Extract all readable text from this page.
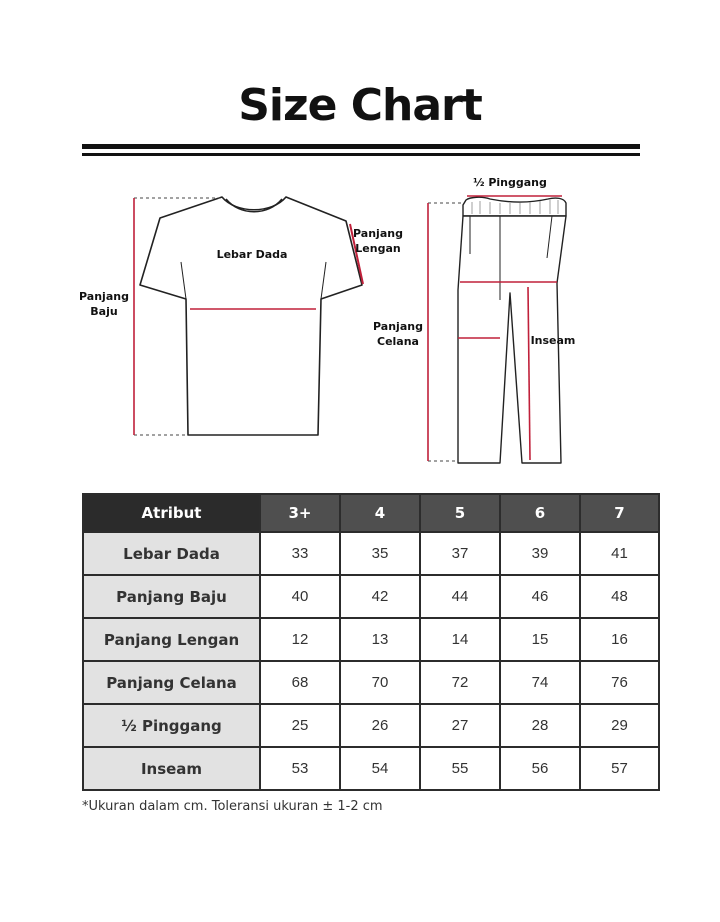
Size Chart
Lebar Dada
Panjang
Lengan
Panjang
Baju
½ Pinggang
Panjang
Celana	Inseam
Atribut	3+	4	5	6	7
Lebar Dada	33	35	37	39	41
Panjang Baju	40	42	44	46	48
Panjang Lengan	12	13	14	15	16
Panjang Celana	68	70	72	74	76
½ Pinggang	25	26	27	28	29
Inseam	53	54	55	56	57
*Ukuran dalam cm. Toleransi ukuran ± 1-2 cm
